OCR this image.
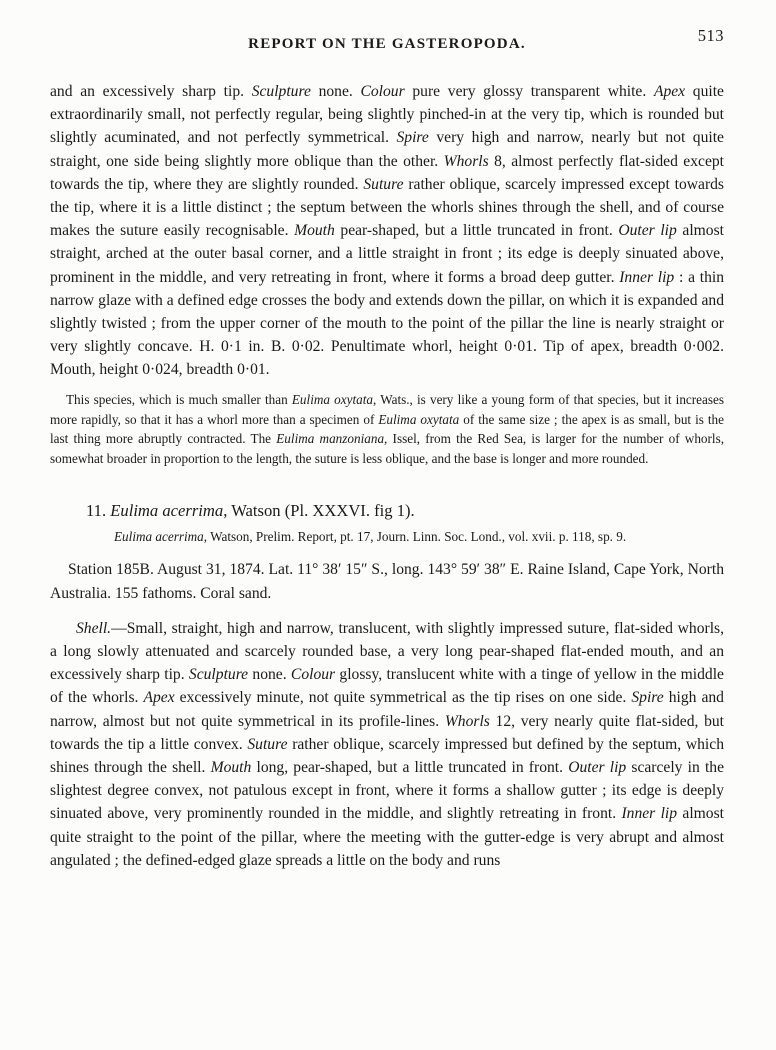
REPORT ON THE GASTEROPODA.	513

and an excessively sharp tip. Sculpture none. Colour pure very glossy transparent white. Apex quite extraordinarily small, not perfectly regular, being slightly pinched-in at the very tip, which is rounded but slightly acuminated, and not perfectly symmetrical. Spire very high and narrow, nearly but not quite straight, one side being slightly more oblique than the other. Whorls 8, almost perfectly flat-sided except towards the tip, where they are slightly rounded. Suture rather oblique, scarcely impressed except towards the tip, where it is a little distinct ; the septum between the whorls shines through the shell, and of course makes the suture easily recognisable. Mouth pear-shaped, but a little truncated in front. Outer lip almost straight, arched at the outer basal corner, and a little straight in front ; its edge is deeply sinuated above, prominent in the middle, and very retreating in front, where it forms a broad deep gutter. Inner lip : a thin narrow glaze with a defined edge crosses the body and extends down the pillar, on which it is expanded and slightly twisted ; from the upper corner of the mouth to the point of the pillar the line is nearly straight or very slightly concave. H. 0·1 in. B. 0·02. Penultimate whorl, height 0·01. Tip of apex, breadth 0·002. Mouth, height 0·024, breadth 0·01.

This species, which is much smaller than Eulima oxytata, Wats., is very like a young form of that species, but it increases more rapidly, so that it has a whorl more than a specimen of Eulima oxytata of the same size ; the apex is as small, but is the last thing more abruptly contracted. The Eulima manzoniana, Issel, from the Red Sea, is larger for the number of whorls, somewhat broader in proportion to the length, the suture is less oblique, and the base is longer and more rounded.

11. Eulima acerrima, Watson (Pl. XXXVI. fig 1).

Eulima acerrima, Watson, Prelim. Report, pt. 17, Journ. Linn. Soc. Lond., vol. xvii. p. 118, sp. 9.

Station 185B. August 31, 1874. Lat. 11° 38′ 15″ S., long. 143° 59′ 38″ E. Raine Island, Cape York, North Australia. 155 fathoms. Coral sand.

Shell.—Small, straight, high and narrow, translucent, with slightly impressed suture, flat-sided whorls, a long slowly attenuated and scarcely rounded base, a very long pear-shaped flat-ended mouth, and an excessively sharp tip. Sculpture none. Colour glossy, translucent white with a tinge of yellow in the middle of the whorls. Apex excessively minute, not quite symmetrical as the tip rises on one side. Spire high and narrow, almost but not quite symmetrical in its profile-lines. Whorls 12, very nearly quite flat-sided, but towards the tip a little convex. Suture rather oblique, scarcely impressed but defined by the septum, which shines through the shell. Mouth long, pear-shaped, but a little truncated in front. Outer lip scarcely in the slightest degree convex, not patulous except in front, where it forms a shallow gutter ; its edge is deeply sinuated above, very prominently rounded in the middle, and slightly retreating in front. Inner lip almost quite straight to the point of the pillar, where the meeting with the gutter-edge is very abrupt and almost angulated ; the defined-edged glaze spreads a little on the body and runs
